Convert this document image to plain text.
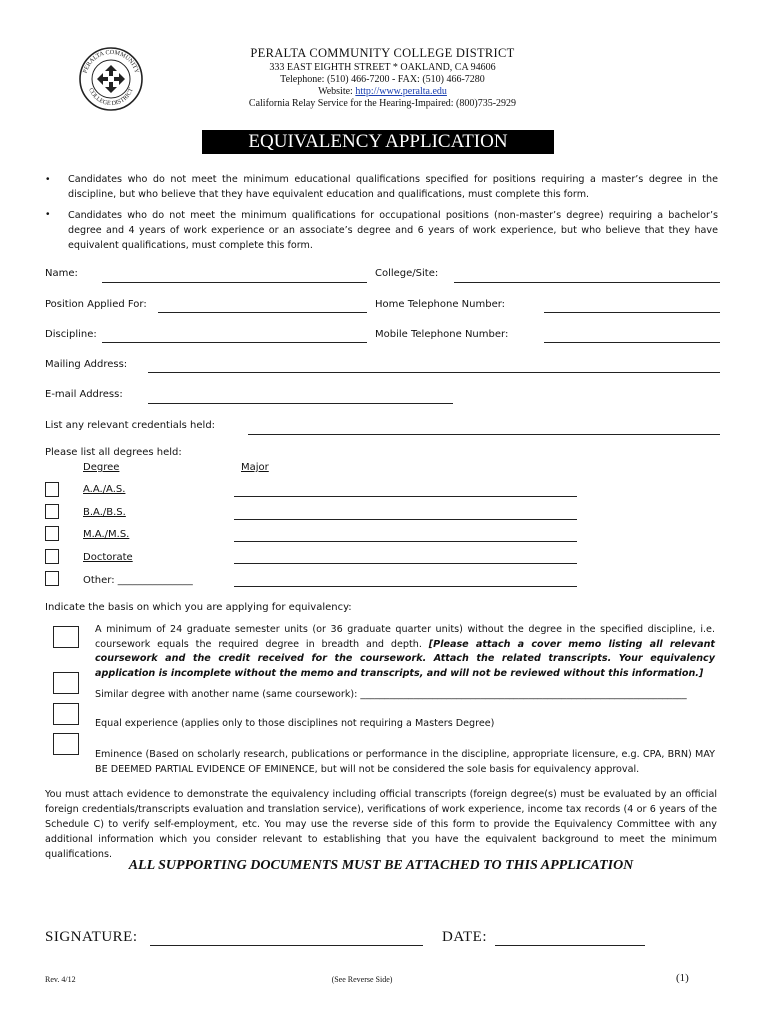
PERALTA COMMUNITY
COLLEGE DISTRICT
PERALTA COMMUNITY COLLEGE DISTRICT
333 EAST EIGHTH STREET * OAKLAND, CA 94606
Telephone: (510) 466-7200 - FAX: (510) 466-7280
Website: http://www.peralta.edu
California Relay Service for the Hearing-Impaired: (800)735-2929
EQUIVALENCY APPLICATION
• Candidates who do not meet the minimum educational qualifications specified for positions requiring a master’s degree in the discipline, but who believe that they have equivalent education and qualifications, must complete this form.
• Candidates who do not meet the minimum qualifications for occupational positions (non-master’s degree) requiring a bachelor’s degree and 4 years of work experience or an associate’s degree and 6 years of work experience, but who believe that they have equivalent qualifications, must complete this form.
Name:	College/Site:
Position Applied For:	Home Telephone Number:
Discipline:	Mobile Telephone Number:
Mailing Address:
E-mail Address:
List any relevant credentials held:
Please list all degrees held:
Degree	Major
A.A./A.S.
B.A./B.S.
M.A./M.S.
Doctorate
Other: _______________
Indicate the basis on which you are applying for equivalency:
A minimum of 24 graduate semester units (or 36 graduate quarter units) without the degree in the specified discipline, i.e. coursework equals the required degree in breadth and depth. [Please attach a cover memo listing all relevant coursework and the credit received for the coursework. Attach the related transcripts. Your equivalency application is incomplete without the memo and transcripts, and will not be reviewed without this information.]
Similar degree with another name (same coursework): ____________________________________________________________________
Equal experience (applies only to those disciplines not requiring a Masters Degree)
Eminence (Based on scholarly research, publications or performance in the discipline, appropriate licensure, e.g. CPA, BRN) MAY BE DEEMED PARTIAL EVIDENCE OF EMINENCE, but will not be considered the sole basis for equivalency approval.
You must attach evidence to demonstrate the equivalency including official transcripts (foreign degree(s) must be evaluated by an official foreign credentials/transcripts evaluation and translation service), verifications of work experience, income tax records (4 or 6 years of the Schedule C) to verify self-employment, etc. You may use the reverse side of this form to provide the Equivalency Committee with any additional information which you consider relevant to establishing that you have the equivalent background to meet the minimum qualifications.
ALL SUPPORTING DOCUMENTS MUST BE ATTACHED TO THIS APPLICATION
SIGNATURE:	DATE:
Rev. 4/12	(See Reverse Side)	(1)
